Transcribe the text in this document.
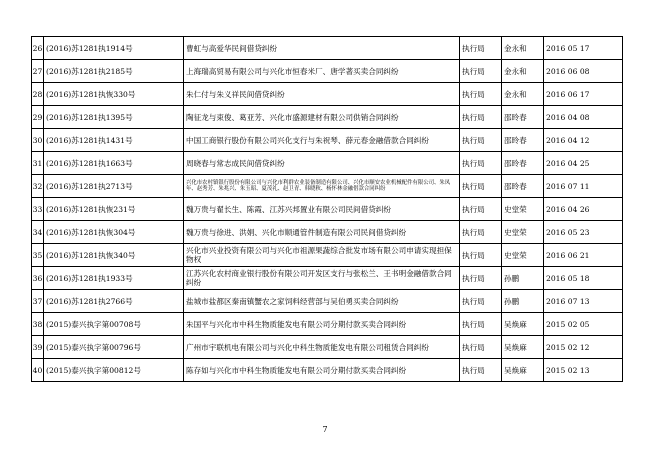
26	(2016)苏1281执1914号	曹虹与高爱华民间借贷纠纷	执行局	金永和	2016 05 17
27	(2016)苏1281执2185号	上海瑞高贸易有限公司与兴化市恒春米厂、唐学著买卖合同纠纷	执行局	金永和	2016 06 08
28	(2016)苏1281执恢330号	朱仁付与朱义祥民间借贷纠纷	执行局	金永和	2016 06 17
29	(2016)苏1281执1395号	陶征龙与束俊、葛亚芳、兴化市盛源建材有限公司供销合同纠纷	执行局	邵昤春	2016 04 08
30	(2016)苏1281执1431号	中国工商银行股份有限公司兴化支行与朱祝琴、薛元春金融借款合同纠纷	执行局	邵昤春	2016 04 12
31	(2016)苏1281执1663号	周晓春与常志成民间借贷纠纷	执行局	邵昤春	2016 04 25
32	(2016)苏1281执2713号	兴化市农村镇银行股份有限公司与兴化市利群农业装备制造有限公司、兴化市顺安农业机械配件有限公司、朱凤年、赵秀芳、朱兆兴、朱玉昭、夏茂礼、赵卫青、韩晓秋、杨怀林金融借款合同纠纷	执行局	邵昤春	2016 07 11
33	(2016)苏1281执恢231号	魏万贵与翟长生、陈霞、江苏兴邦置业有限公司民间借贷纠纷	执行局	史堂荣	2016 04 26
34	(2016)苏1281执恢304号	魏万贵与徐进、洪娟、兴化市顺通管件制造有限公司民间借贷纠纷	执行局	史堂荣	2016 05 23
35	(2016)苏1281执恢340号	兴化市兴业投资有限公司与兴化市祖源果蔬综合批发市场有限公司申请实现担保物权	执行局	史堂荣	2016 06 21
36	(2016)苏1281执1933号	江苏兴化农村商业银行股份有限公司开发区支行与张松兰、王书明金融借款合同纠纷	执行局	孙鹏	2016 05 18
37	(2016)苏1281执2766号	盐城市盐都区秦南镇蟹农之家饲料经营部与吴伯勇买卖合同纠纷	执行局	孙鹏	2016 07 13
38	(2015)泰兴执字第00708号	朱国平与兴化市中科生物质能发电有限公司分期付款买卖合同纠纷	执行局	吴焕麻	2015 02 05
39	(2015)泰兴执字第00796号	广州市宇联机电有限公司与兴化中科生物质能发电有限公司租赁合同纠纷	执行局	吴焕麻	2015 02 12
40	(2015)泰兴执字第00812号	陈存如与兴化市中科生物质能发电有限公司分期付款买卖合同纠纷	执行局	吴焕麻	2015 02 13
7
